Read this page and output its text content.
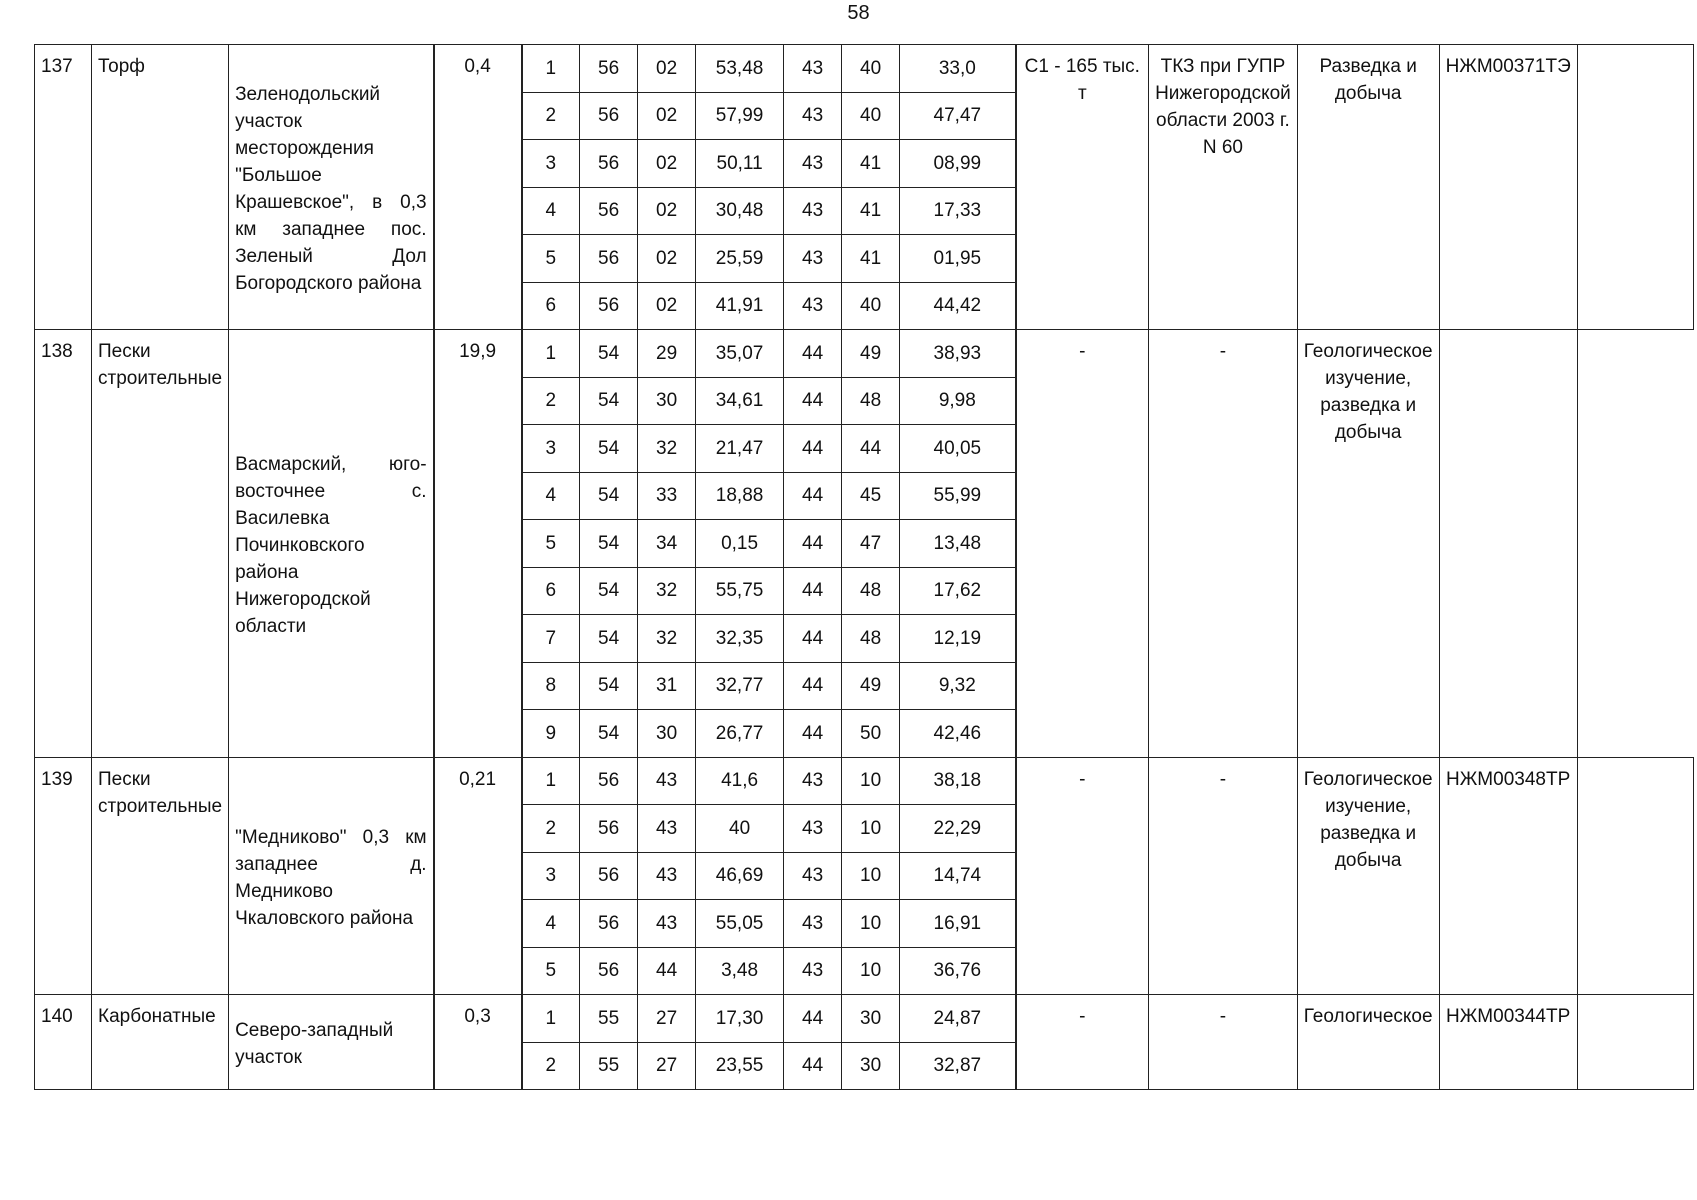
58
137	Торф	Зеленодольский участок месторождения "Большое Крашевское", в 0,3 км западнее пос. Зеленый Дол Богородского района	0,4	1	56	02	53,48	43	40	33,0	С1 - 165 тыс. т	ТКЗ при ГУПР Нижегородской области 2003 г. N 60	Разведка и добыча	НЖМ00371ТЭ	
				2	56	02	57,99	43	40	47,47					
				3	56	02	50,11	43	41	08,99					
				4	56	02	30,48	43	41	17,33					
				5	56	02	25,59	43	41	01,95					
				6	56	02	41,91	43	40	44,42					
138	Пески строительные	Васмарский, юго-восточнее с. Василевка Починковского района Нижегородской области	19,9	1	54	29	35,07	44	49	38,93	-	-	Геологическое изучение, разведка и добыча		
				2	54	30	34,61	44	48	9,98					
				3	54	32	21,47	44	44	40,05					
				4	54	33	18,88	44	45	55,99					
				5	54	34	0,15	44	47	13,48					
				6	54	32	55,75	44	48	17,62					
				7	54	32	32,35	44	48	12,19					
				8	54	31	32,77	44	49	9,32					
				9	54	30	26,77	44	50	42,46					
139	Пески строительные	"Медниково" 0,3 км западнее д. Медниково Чкаловского района	0,21	1	56	43	41,6	43	10	38,18	-	-	Геологическое изучение, разведка и добыча	НЖМ00348ТР	
				2	56	43	40	43	10	22,29					
				3	56	43	46,69	43	10	14,74					
				4	56	43	55,05	43	10	16,91					
				5	56	44	3,48	43	10	36,76					
140	Карбонатные	Северо-западный участок	0,3	1	55	27	17,30	44	30	24,87	-	-	Геологическое	НЖМ00344ТР	
				2	55	27	23,55	44	30	32,87					
